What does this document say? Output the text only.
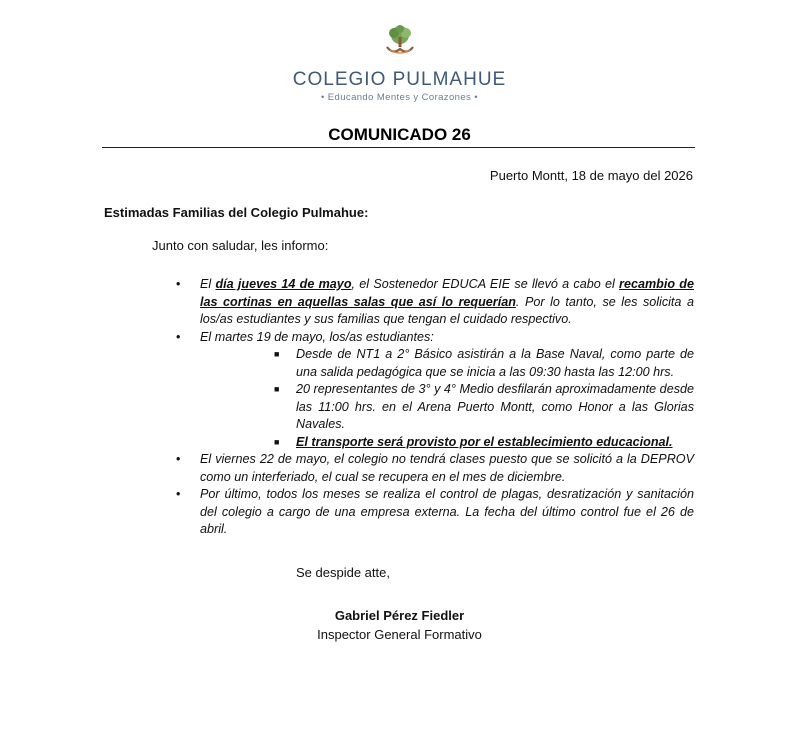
COLEGIO PULMAHUE
• Educando Mentes y Corazones •
COMUNICADO 26
Puerto Montt, 18 de mayo del 2026
Estimadas Familias del Colegio Pulmahue:
Junto con saludar, les informo:
• El día jueves 14 de mayo, el Sostenedor EDUCA EIE se llevó a cabo el recambio de las cortinas en aquellas salas que así lo requerían. Por lo tanto, se les solicita a los/as estudiantes y sus familias que tengan el cuidado respectivo.
• El martes 19 de mayo, los/as estudiantes:
■ Desde de NT1 a 2° Básico asistirán a la Base Naval, como parte de una salida pedagógica que se inicia a las 09:30 hasta las 12:00 hrs.
■ 20 representantes de 3° y 4° Medio desfilarán aproximadamente desde las 11:00 hrs. en el Arena Puerto Montt, como Honor a las Glorias Navales.
■ El transporte será provisto por el establecimiento educacional.
• El viernes 22 de mayo, el colegio no tendrá clases puesto que se solicitó a la DEPROV como un interferiado, el cual se recupera en el mes de diciembre.
• Por último, todos los meses se realiza el control de plagas, desratización y sanitación del colegio a cargo de una empresa externa. La fecha del último control fue el 26 de abril.
Se despide atte,
Gabriel Pérez Fiedler
Inspector General Formativo
